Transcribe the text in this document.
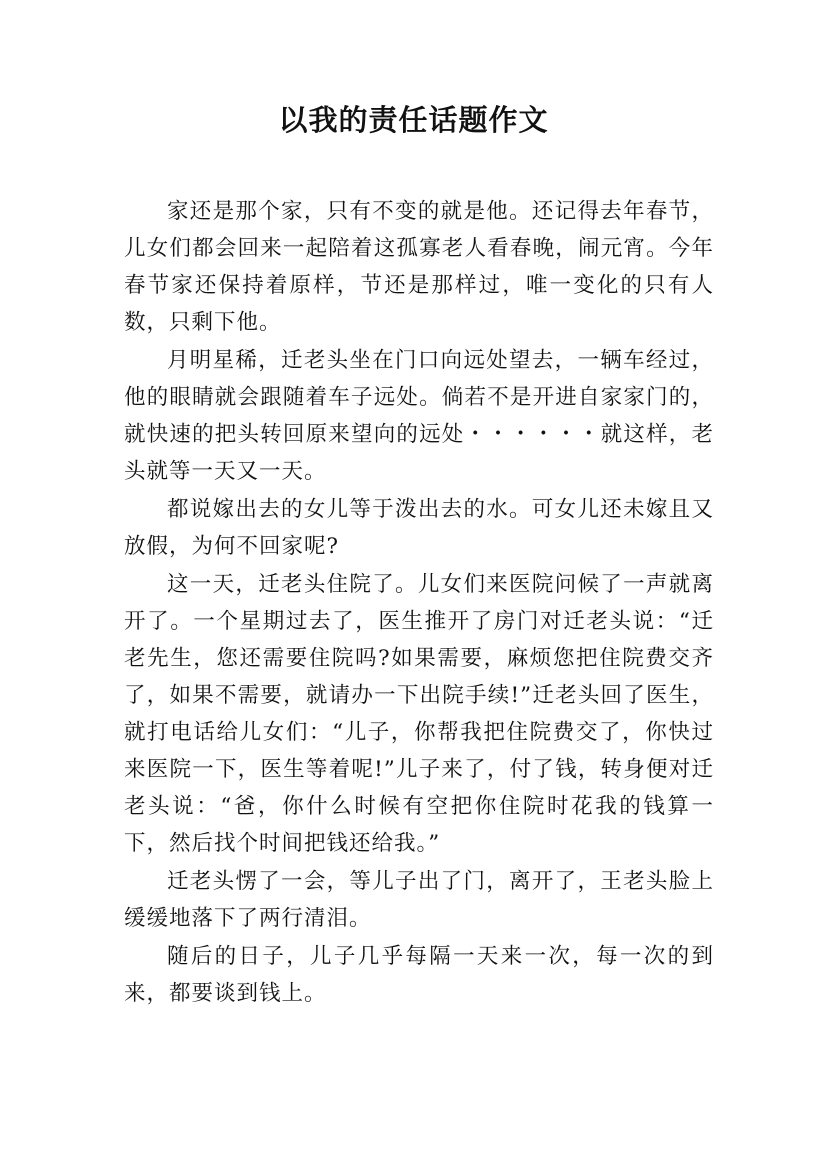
以我的责任话题作文

家还是那个家，只有不变的就是他。还记得去年春节，儿女们都会回来一起陪着这孤寡老人看春晚，闹元宵。今年春节家还保持着原样，节还是那样过，唯一变化的只有人数，只剩下他。

月明星稀，迁老头坐在门口向远处望去，一辆车经过，他的眼睛就会跟随着车子远处。倘若不是开进自家家门的，就快速的把头转回原来望向的远处・・・・・・就这样，老头就等一天又一天。

都说嫁出去的女儿等于泼出去的水。可女儿还未嫁且又放假，为何不回家呢?

这一天，迁老头住院了。儿女们来医院问候了一声就离开了。一个星期过去了，医生推开了房门对迁老头说：“迁老先生，您还需要住院吗?如果需要，麻烦您把住院费交齐了，如果不需要，就请办一下出院手续!”迁老头回了医生，就打电话给儿女们：“儿子，你帮我把住院费交了，你快过来医院一下，医生等着呢!”儿子来了，付了钱，转身便对迁老头说：“爸，你什么时候有空把你住院时花我的钱算一下，然后找个时间把钱还给我。”

迁老头愣了一会，等儿子出了门，离开了，王老头脸上缓缓地落下了两行清泪。

随后的日子，儿子几乎每隔一天来一次，每一次的到来，都要谈到钱上。
